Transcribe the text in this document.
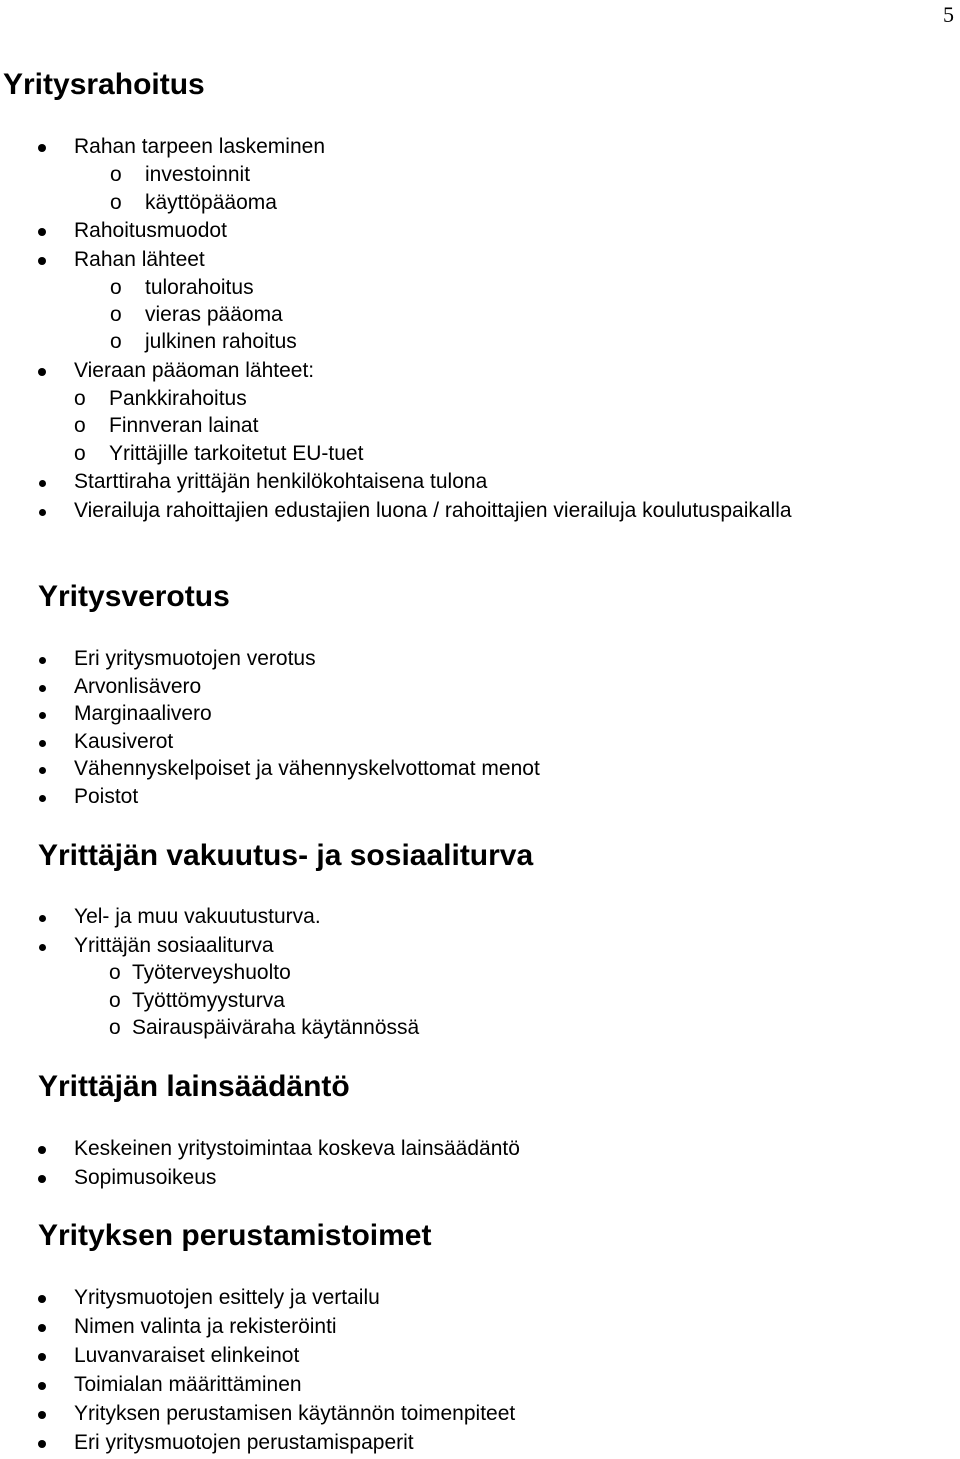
5
Yritysrahoitus
Rahan tarpeen laskeminen
o investoinnit
o käyttöpääoma
Rahoitusmuodot
Rahan lähteet
o tulorahoitus
o vieras pääoma
o julkinen rahoitus
Vieraan pääoman lähteet:
o Pankkirahoitus
o Finnveran lainat
o Yrittäjille tarkoitetut EU-tuet
Starttiraha yrittäjän henkilökohtaisena tulona
Vierailuja rahoittajien edustajien luona / rahoittajien vierailuja koulutuspaikalla
Yritysverotus
Eri yritysmuotojen verotus
Arvonlisävero
Marginaalivero
Kausiverot
Vähennyskelpoiset ja vähennyskelvottomat menot
Poistot
Yrittäjän vakuutus- ja sosiaaliturva
Yel- ja muu vakuutusturva.
Yrittäjän sosiaaliturva
o Työterveyshuolto
o Työttömyysturva
o Sairauspäiväraha käytännössä
Yrittäjän lainsäädäntö
Keskeinen yritystoimintaa koskeva lainsäädäntö
Sopimusoikeus
Yrityksen perustamistoimet
Yritysmuotojen esittely ja vertailu
Nimen valinta ja rekisteröinti
Luvanvaraiset elinkeinot
Toimialan määrittäminen
Yrityksen perustamisen käytännön toimenpiteet
Eri yritysmuotojen perustamispaperit
